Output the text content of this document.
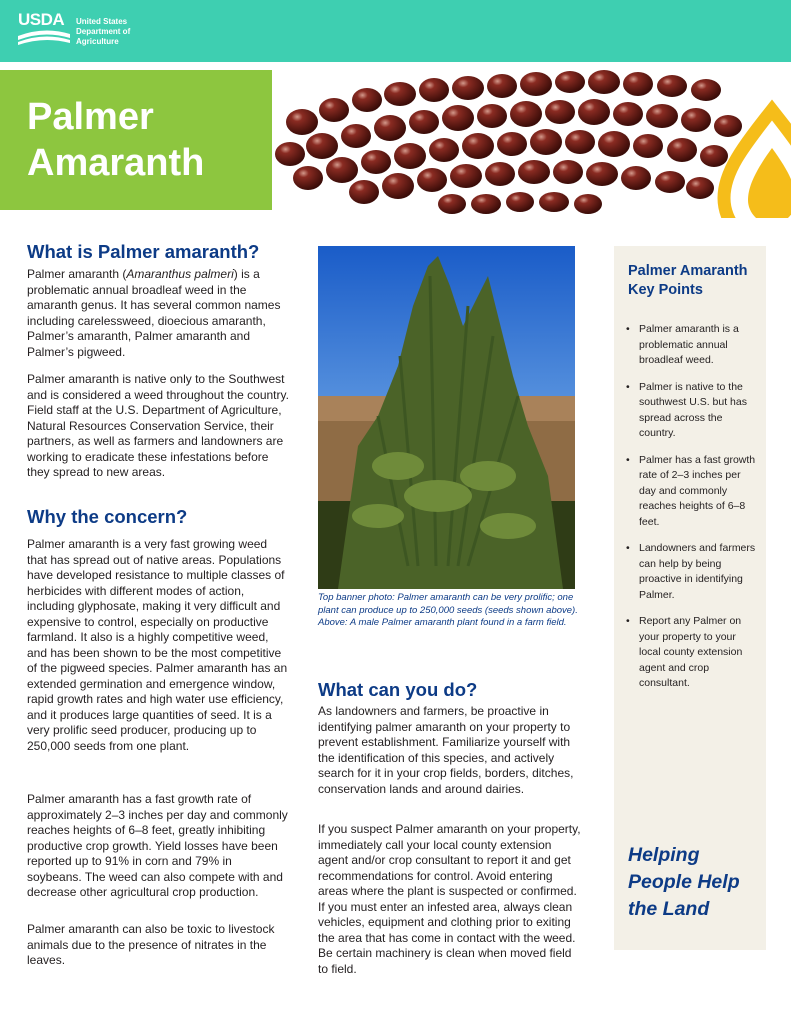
USDA United States
Department of
Agriculture
Palmer
Amaranth
What is Palmer amaranth?
Palmer amaranth (Amaranthus palmeri) is a problematic annual broadleaf weed in the amaranth genus. It has several common names including carelessweed, dioecious amaranth, Palmer’s amaranth, Palmer amaranth and Palmer’s pigweed.
Palmer amaranth is native only to the Southwest and is considered a weed throughout the country. Field staff at the U.S. Department of Agriculture, Natural Resources Conservation Service, their partners, as well as farmers and landowners are working to eradicate these infestations before they spread to new areas.
Why the concern?
Palmer amaranth is a very fast growing weed that has spread out of native areas. Populations have developed resistance to multiple classes of herbicides with different modes of action, including glyphosate, making it very difficult and expensive to control, especially on productive farmland. It also is a highly competitive weed, and has been shown to be the most competitive of the pigweed species. Palmer amaranth has an extended germination and emergence window, rapid growth rates and high water use efficiency, and it produces large quantities of seed. It is a very prolific seed producer, producing up to 250,000 seeds from one plant.
Palmer amaranth has a fast growth rate of approximately 2–3 inches per day and commonly reaches heights of 6–8 feet, greatly inhibiting productive crop growth. Yield losses have been reported up to 91% in corn and 79% in soybeans. The weed can also compete with and decrease other agricultural crop production.
Palmer amaranth can also be toxic to livestock animals due to the presence of nitrates in the leaves.
Top banner photo: Palmer amaranth can be very prolific; one plant can produce up to 250,000 seeds (seeds shown above). Above: A male Palmer amaranth plant found in a farm field.
What can you do?
As landowners and farmers, be proactive in identifying palmer amaranth on your property to prevent establishment. Familiarize yourself with the identification of this species, and actively search for it in your crop fields, borders, ditches, conservation lands and around dairies.
If you suspect Palmer amaranth on your property, immediately call your local county extension agent and/or crop consultant to report it and get recommendations for control. Avoid entering areas where the plant is suspected or confirmed. If you must enter an infested area, always clean vehicles, equipment and clothing prior to exiting the area that has come in contact with the weed. Be certain machinery is clean when moved field to field.
Palmer Amaranth Key Points
• Palmer amaranth is a problematic annual broadleaf weed.
• Palmer is native to the southwest U.S. but has spread across the country.
• Palmer has a fast growth rate of 2–3 inches per day and commonly reaches heights of 6–8 feet.
• Landowners and farmers can help by being proactive in identifying Palmer.
• Report any Palmer on your property to your local county extension agent and crop consultant.
Helping People Help the Land
